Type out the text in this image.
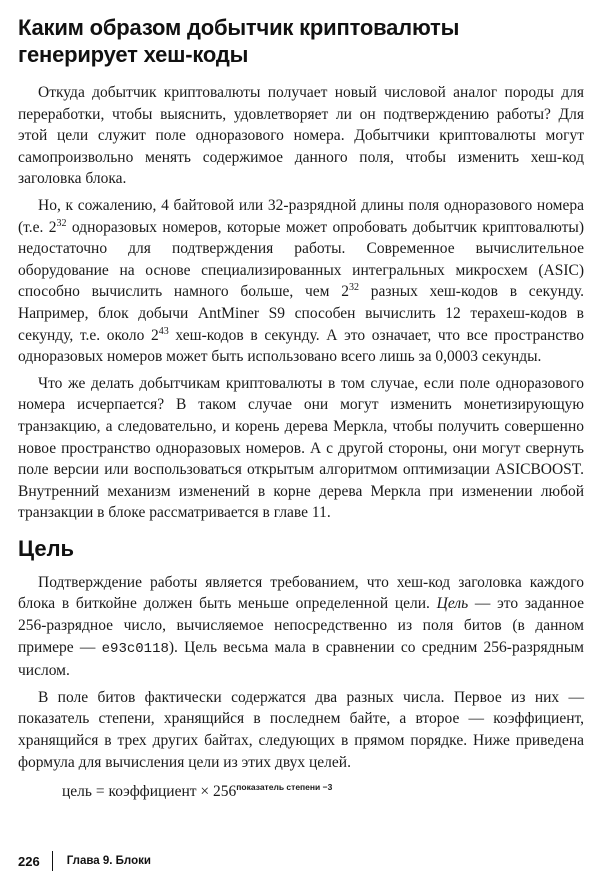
Каким образом добытчик криптовалюты генерирует хеш-коды

Откуда добытчик криптовалюты получает новый числовой аналог породы для переработки, чтобы выяснить, удовлетворяет ли он подтверждению работы? Для этой цели служит поле одноразового номера. Добытчики криптовалюты могут самопроизвольно менять содержимое данного поля, чтобы изменить хеш-код заголовка блока.

Но, к сожалению, 4 байтовой или 32-разрядной длины поля одноразового номера (т.е. $2^{32}$ одноразовых номеров, которые может опробовать добытчик криптовалюты) недостаточно для подтверждения работы. Современное вычислительное оборудование на основе специализированных интегральных микросхем (ASIC) способно вычислить намного больше, чем $2^{32}$ разных хеш-кодов в секунду. Например, блок добычи AntMiner S9 способен вычислить 12 терахеш-кодов в секунду, т.е. около $2^{43}$ хеш-кодов в секунду. А это означает, что все пространство одноразовых номеров может быть использовано всего лишь за 0,0003 секунды.

Что же делать добытчикам криптовалюты в том случае, если поле одноразового номера исчерпается? В таком случае они могут изменить монетизирующую транзакцию, а следовательно, и корень дерева Меркла, чтобы получить совершенно новое пространство одноразовых номеров. А с другой стороны, они могут свернуть поле версии или воспользоваться открытым алгоритмом оптимизации ASICBOOST. Внутренний механизм изменений в корне дерева Меркла при изменении любой транзакции в блоке рассматривается в главе 11.

Цель

Подтверждение работы является требованием, что хеш-код заголовка каждого блока в биткойне должен быть меньше определенной цели. Цель — это заданное 256-разрядное число, вычисляемое непосредственно из поля битов (в данном примере — e93c0118). Цель весьма мала в сравнении со средним 256-разрядным числом.

В поле битов фактически содержатся два разных числа. Первое из них — показатель степени, хранящийся в последнем байте, а второе — коэффициент, хранящийся в трех других байтах, следующих в прямом порядке. Ниже приведена формула для вычисления цели из этих двух целей.

цель = коэффициент × $256^{показатель степени -3}$
226 Глава 9. Блоки
